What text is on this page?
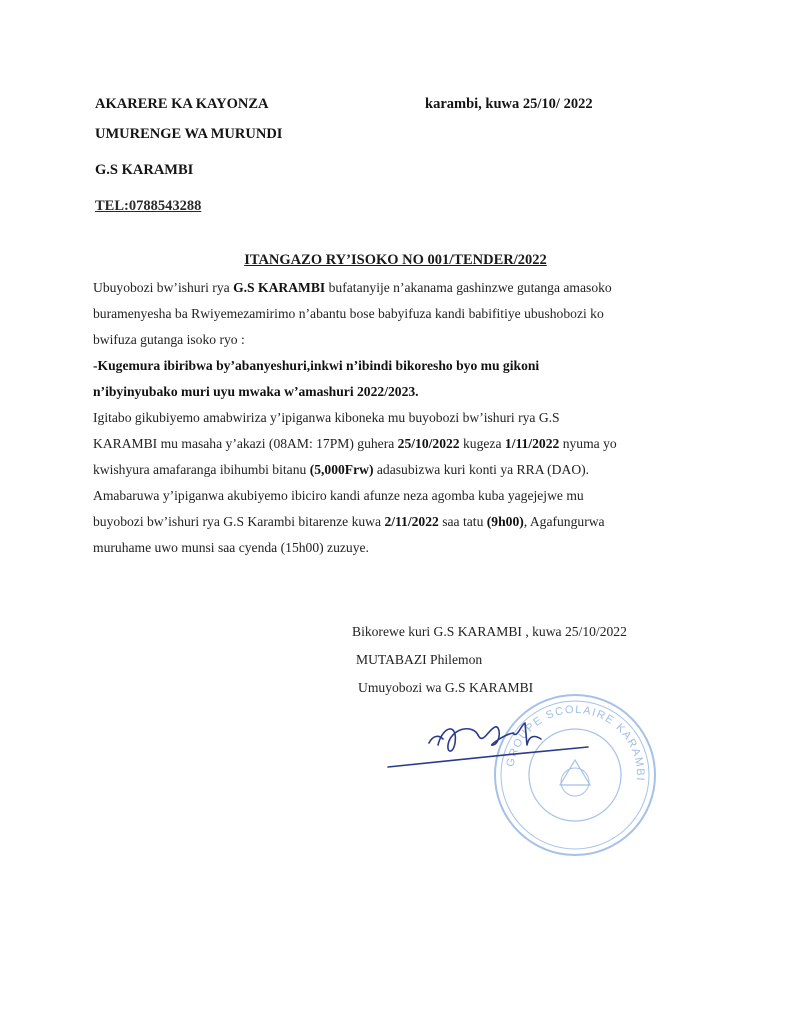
AKARERE KA KAYONZA
UMURENGE WA MURUNDI
G.S KARAMBI
TEL:0788543288
karambi, kuwa 25/10/ 2022
ITANGAZO RY’ISOKO NO 001/TENDER/2022
Ubuyobozi bw’ishuri rya G.S KARAMBI bufatanyije n’akanama gashinzwe gutanga amasoko
buramenyesha ba Rwiyemezamirimo n’abantu bose babyifuza kandi babifitiye ubushobozi ko
bwifuza gutanga isoko ryo :
-Kugemura ibiribwa by’abanyeshuri,inkwi n’ibindi bikoresho byo mu gikoni
n’ibyinyubako muri uyu mwaka w’amashuri 2022/2023.
Igitabo gikubiyemo amabwiriza y’ipiganwa kiboneka mu buyobozi bw’ishuri rya G.S
KARAMBI mu masaha y’akazi (08AM: 17PM) guhera 25/10/2022 kugeza 1/11/2022 nyuma yo
kwishyura amafaranga ibihumbi bitanu (5,000Frw) adasubizwa kuri konti ya RRA (DAO).
Amabaruwa y’ipiganwa akubiyemo ibiciro kandi afunze neza agomba kuba yagejejwe mu
buyobozi bw’ishuri rya G.S Karambi bitarenze kuwa 2/11/2022 saa tatu (9h00), Agafungurwa
muruhame uwo munsi saa cyenda (15h00) zuzuye.
Bikorewe kuri G.S KARAMBI , kuwa 25/10/2022
MUTABAZI Philemon
Umuyobozi wa G.S KARAMBI
GROUPE SCOLAIRE KARAMBI
